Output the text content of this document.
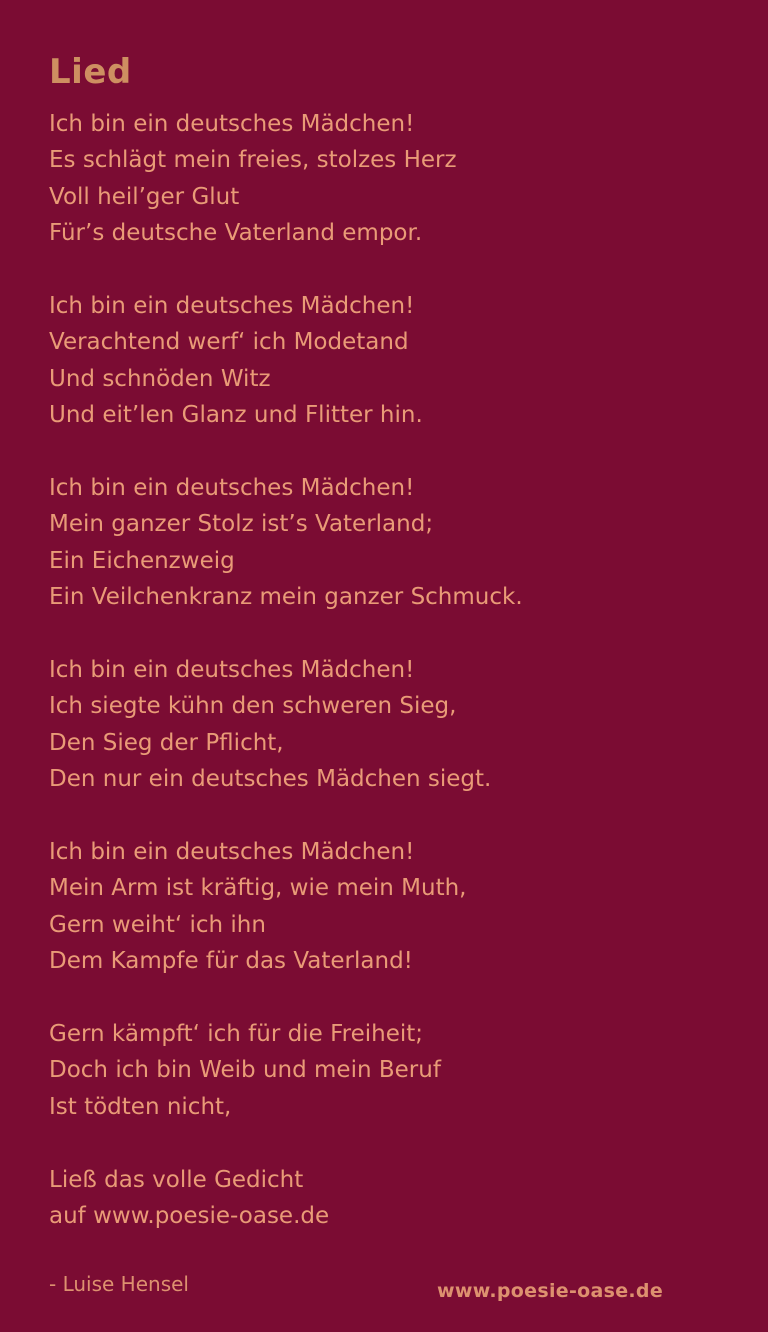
Lied
Ich bin ein deutsches Mädchen!
Es schlägt mein freies, stolzes Herz
Voll heil’ger Glut
Für’s deutsche Vaterland empor.
Ich bin ein deutsches Mädchen!
Verachtend werf‘ ich Modetand
Und schnöden Witz
Und eit’len Glanz und Flitter hin.
Ich bin ein deutsches Mädchen!
Mein ganzer Stolz ist’s Vaterland;
Ein Eichenzweig
Ein Veilchenkranz mein ganzer Schmuck.
Ich bin ein deutsches Mädchen!
Ich siegte kühn den schweren Sieg,
Den Sieg der Pflicht,
Den nur ein deutsches Mädchen siegt.
Ich bin ein deutsches Mädchen!
Mein Arm ist kräftig, wie mein Muth,
Gern weiht‘ ich ihn
Dem Kampfe für das Vaterland!
Gern kämpft‘ ich für die Freiheit;
Doch ich bin Weib und mein Beruf
Ist tödten nicht,
Ließ das volle Gedicht
auf www.poesie-oase.de
- Luise Hensel	www.poesie-oase.de
